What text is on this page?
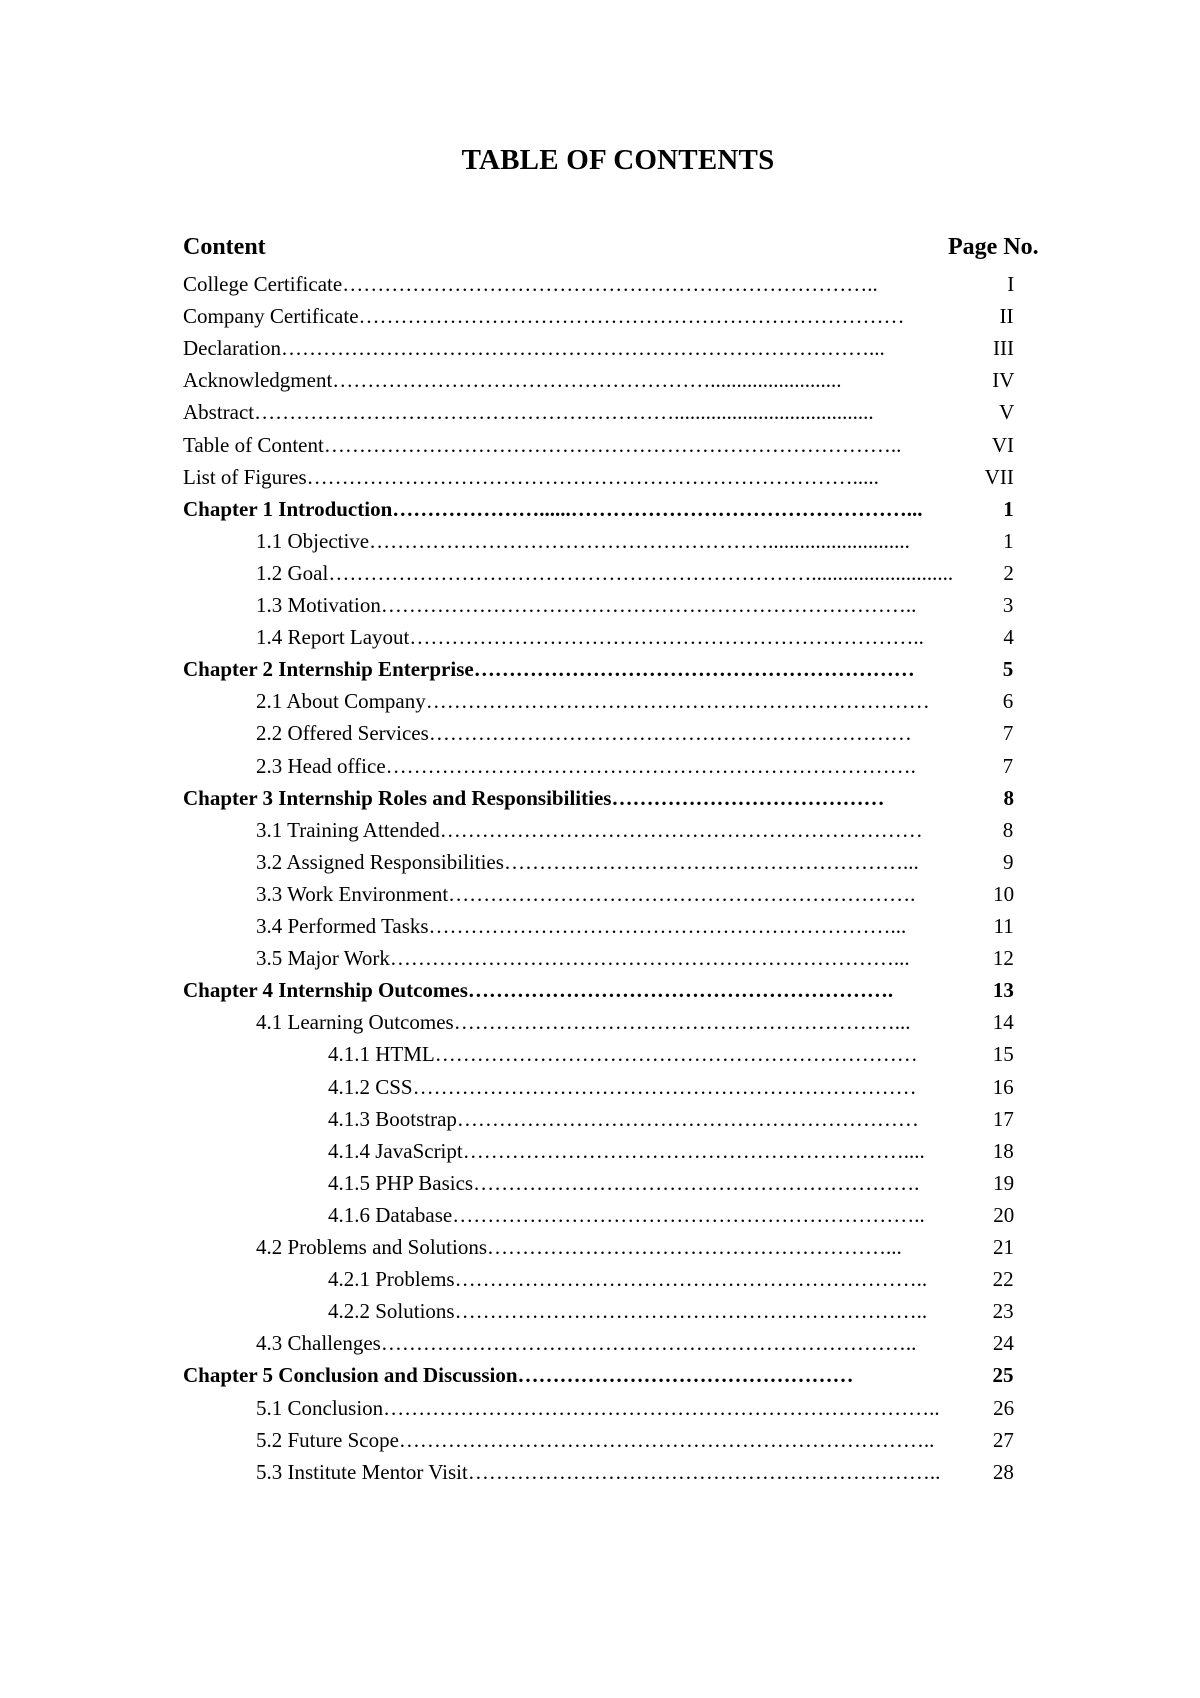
TABLE OF CONTENTS
Content	Page No.
College Certificate…………………………………………………………………..	I
Company Certificate……………………………………………………………………	II
Declaration…………………………………………………………………………...	III
Acknowledgment……………………………………………….........................	IV
Abstract……………………………………………………......................................	V
Table of Content………………………………………………………………………..	VI
List of Figures…………………………………………………………………….....	VII
Chapter 1 Introduction…………………......…………………………………………...	1
1.1 Objective…………………………………………………...........................	1
1.2 Goal……………………………………………………………........................... 2
1.3 Motivation…………………………………………………………………..	3
1.4 Report Layout………………………………………………………………..	4
Chapter 2 Internship Enterprise………………………………………………………	5
2.1 About Company………………………………………………………………	6
2.2 Offered Services……………………………………………………………	7
2.3 Head office………………………………………………………………….	7
Chapter 3 Internship Roles and Responsibilities…………………………………	8
3.1 Training Attended……………………………………………………………	8
3.2 Assigned Responsibilities…………………………………………………...	9
3.3 Work Environment………………………………………………………….	10
3.4 Performed Tasks…………………………………………………………...	11
3.5 Major Work………………………………………………………………...	12
Chapter 4 Internship Outcomes…………………………………………………….	13
4.1 Learning Outcomes………………………………………………………...	14
4.1.1 HTML……………………………………………………………	15
4.1.2 CSS………………………………………………………………	16
4.1.3 Bootstrap…………………………………………………………	17
4.1.4 JavaScript………………………………………………………....	18
4.1.5 PHP Basics……………………………………………………….	19
4.1.6 Database…………………………………………………………..	20
4.2 Problems and Solutions…………………………………………………...	21
4.2.1 Problems…………………………………………………………..	22
4.2.2 Solutions…………………………………………………………..	23
4.3 Challenges…………………………………………………………………..	24
Chapter 5 Conclusion and Discussion…………………………………………	25
5.1 Conclusion……………………………………………………………………..	26
5.2 Future Scope…………………………………………………………………..	27
5.3 Institute Mentor Visit…………………………………………………………..	28
